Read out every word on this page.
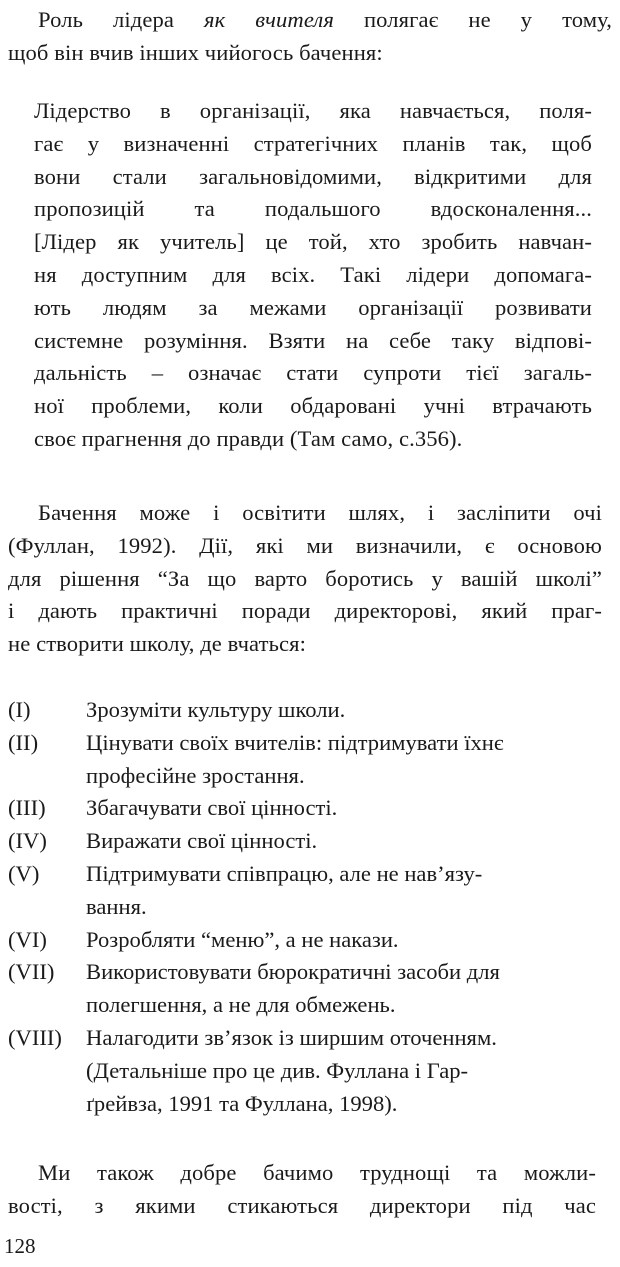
Роль лідера як вчителя полягає не у тому,
щоб він вчив інших чийогось бачення:
Лідерство в організації, яка навчається, поля-
гає у визначенні стратегічних планів так, щоб
вони стали загальновідомими, відкритими для
пропозицій та подальшого вдосконалення...
[Лідер як учитель] це той, хто зробить навчан-
ня доступним для всіх. Такі лідери допомага-
ють людям за межами організації розвивати
системне розуміння. Взяти на себе таку відпові-
дальність – означає стати супроти тієї загаль-
ної проблеми, коли обдаровані учні втрачають
своє прагнення до правди (Там само, с.356).
Бачення може і освітити шлях, і засліпити очі
(Фуллан, 1992). Дії, які ми визначили, є основою
для рішення “За що варто боротись у вашій школі”
і дають практичні поради директорові, який праг-
не створити школу, де вчаться:
(I) Зрозуміти культуру школи.
(II) Цінувати своїх вчителів: підтримувати їхнє
професійне зростання.
(III) Збагачувати свої цінності.
(IV) Виражати свої цінності.
(V) Підтримувати співпрацю, але не нав’язу-
вання.
(VI) Розробляти “меню”, а не накази.
(VII) Використовувати бюрократичні засоби для
полегшення, а не для обмежень.
(VIII) Налагодити зв’язок із ширшим оточенням.
(Детальніше про це див. Фуллана і Гар-
ґрейвза, 1991 та Фуллана, 1998).
Ми також добре бачимо труднощі та можли-
вості, з якими стикаються директори під час
128
